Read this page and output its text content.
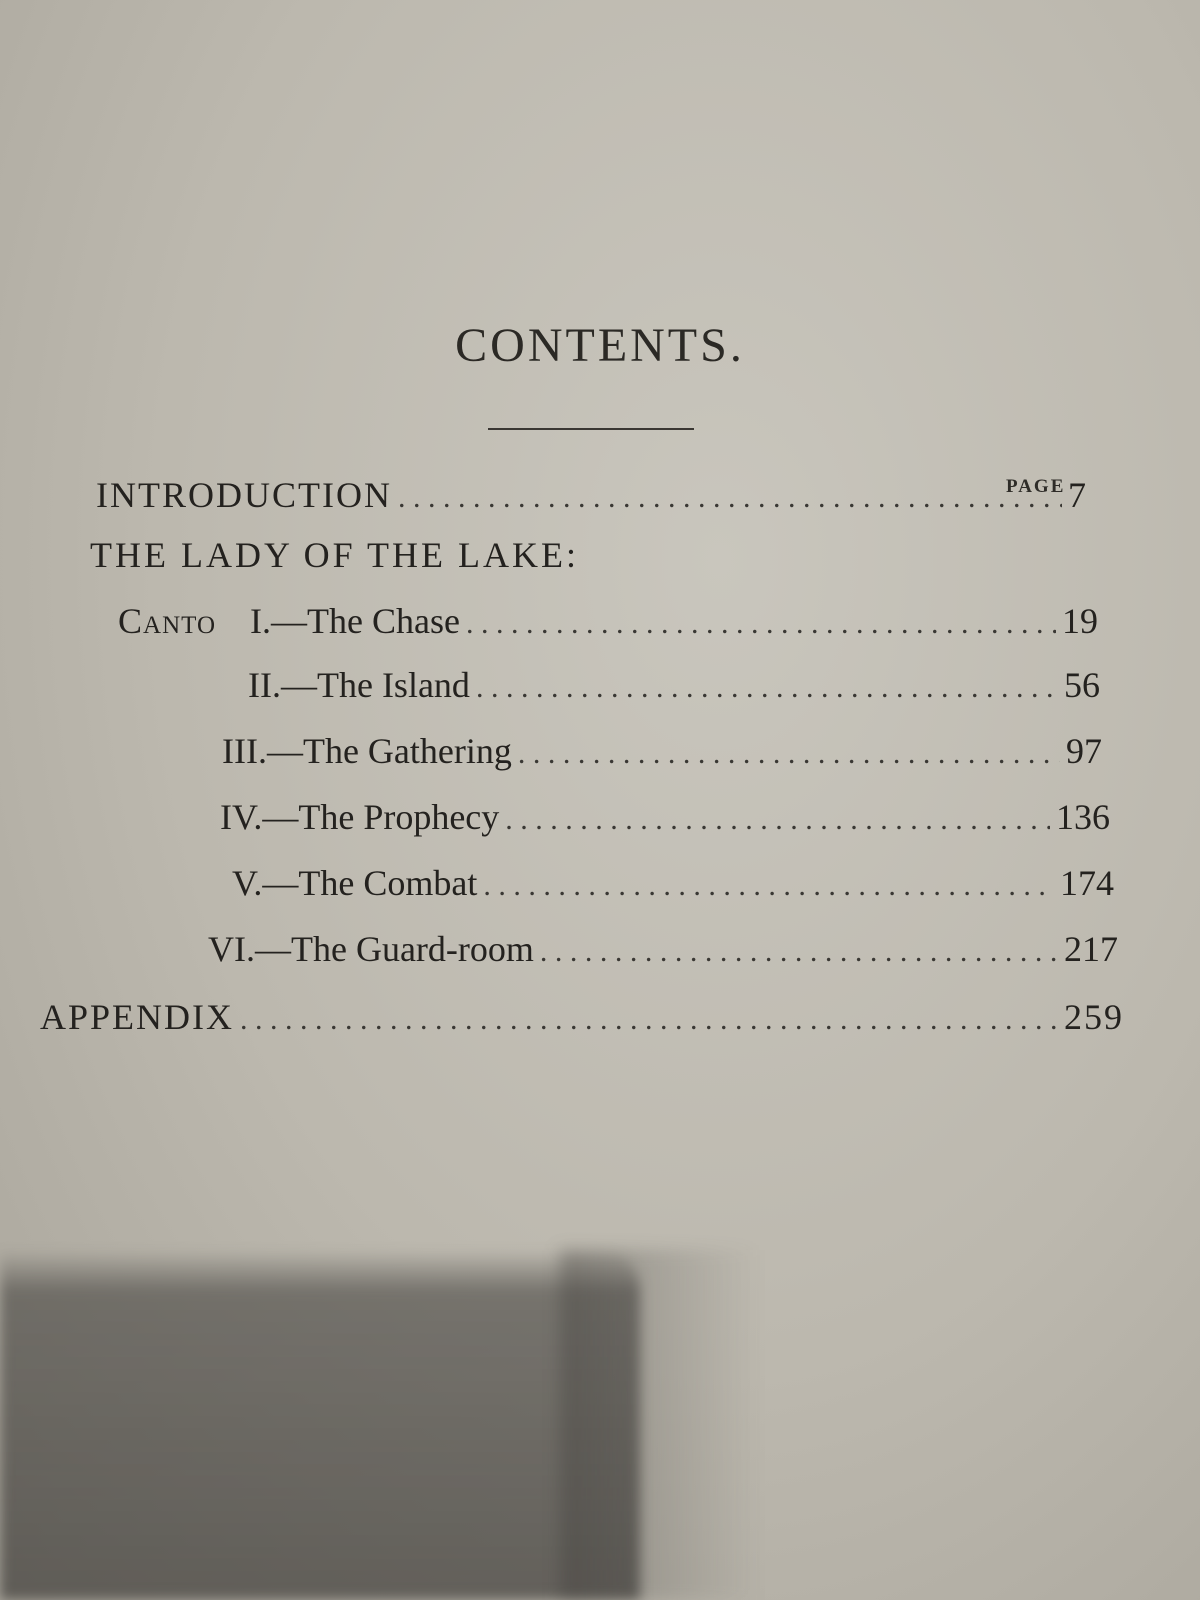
CONTENTS.
PAGE
INTRODUCTION . . .	7
THE LADY OF THE LAKE:
Canto I.—The Chase . . .	19
II.—The Island . . .	56
III.—The Gathering . . .	97
IV.—The Prophecy . . .	136
V.—The Combat . . .	174
VI.—The Guard-room . . .	217
APPENDIX . . .	259
